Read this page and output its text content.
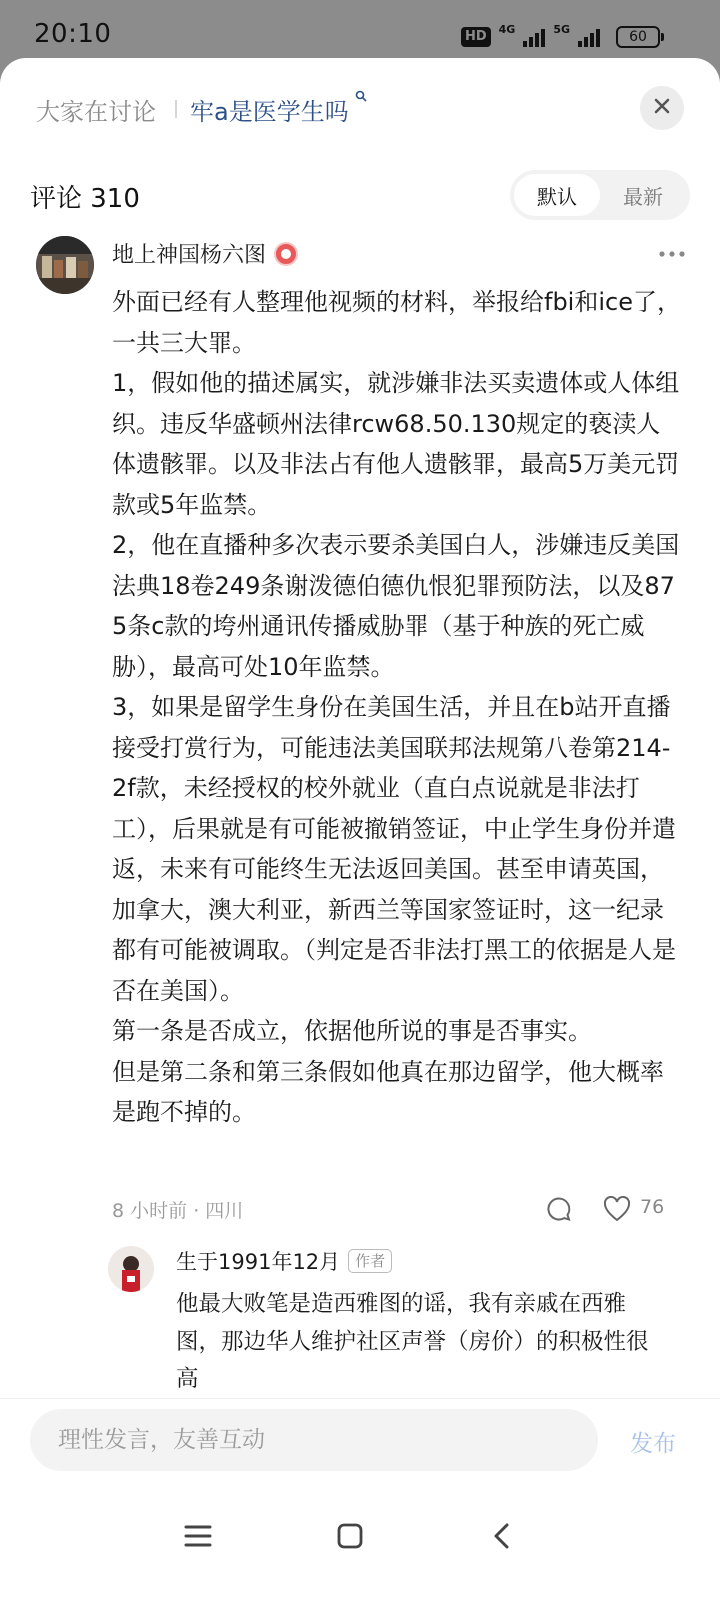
20:10	HD	4G	5G	60
大家在讨论 牢a是医学生吗
评论 310	默认	最新
地上神国杨六图

外面已经有人整理他视频的材料，举报给fbi和ice了，一共三大罪。

1，假如他的描述属实，就涉嫌非法买卖遗体或人体组织。违反华盛顿州法律rcw68.50.130规定的亵渎人体遗骸罪。以及非法占有他人遗骸罪，最高5万美元罚款或5年监禁。

2，他在直播种多次表示要杀美国白人，涉嫌违反美国法典18卷249条谢泼德伯德仇恨犯罪预防法，以及875条c款的垮州通讯传播威胁罪（基于种族的死亡威胁），最高可处10年监禁。

3，如果是留学生身份在美国生活，并且在b站开直播接受打赏行为，可能违法美国联邦法规第八卷第214-2f款，未经授权的校外就业（直白点说就是非法打工），后果就是有可能被撤销签证，中止学生身份并遣返，未来有可能终生无法返回美国。甚至申请英国，加拿大，澳大利亚，新西兰等国家签证时，这一纪录都有可能被调取。（判定是否非法打黑工的依据是人是否在美国）。

第一条是否成立，依据他所说的事是否事实。

但是第二条和第三条假如他真在那边留学，他大概率是跑不掉的。

8 小时前 · 四川	76
生于1991年12月	作者
他最大败笔是造西雅图的谣，我有亲戚在西雅图，那边华人维护社区声誉（房价）的积极性很高
理性发言，友善互动	发布
